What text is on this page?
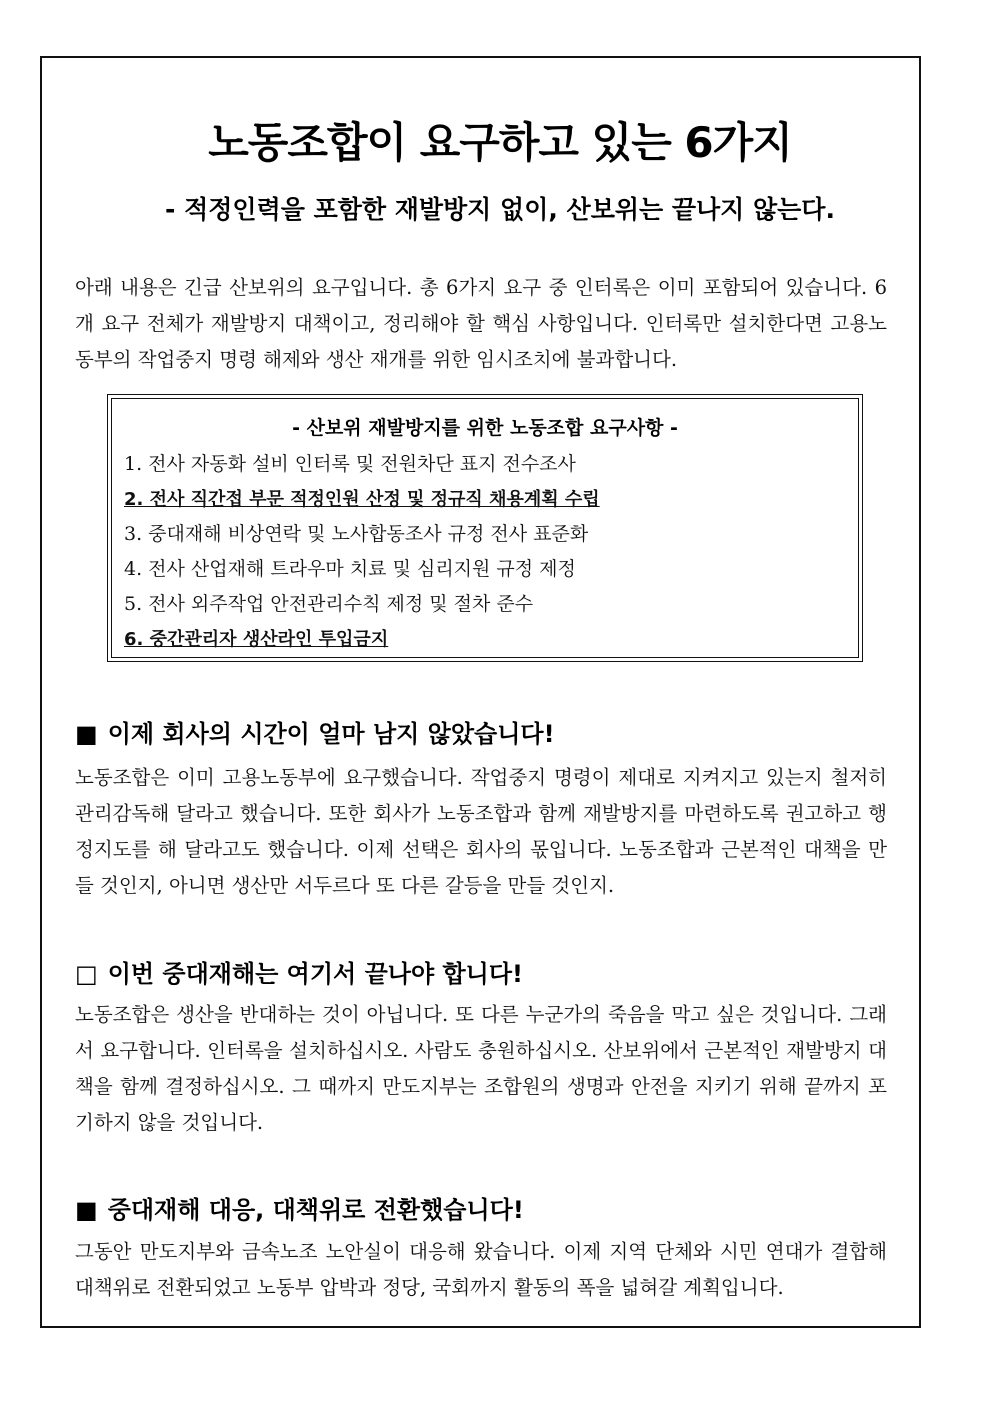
노동조합이 요구하고 있는 6가지
- 적정인력을 포함한 재발방지 없이, 산보위는 끝나지 않는다.

아래 내용은 긴급 산보위의 요구입니다. 총 6가지 요구 중 인터록은 이미 포함되어 있습니다. 6개 요구 전체가 재발방지 대책이고, 정리해야 할 핵심 사항입니다. 인터록만 설치한다면 고용노동부의 작업중지 명령 해제와 생산 재개를 위한 임시조치에 불과합니다.

- 산보위 재발방지를 위한 노동조합 요구사항 -
1. 전사 자동화 설비 인터록 및 전원차단 표지 전수조사
2. 전사 직간접 부문 적정인원 산정 및 정규직 채용계획 수립
3. 중대재해 비상연락 및 노사합동조사 규정 전사 표준화
4. 전사 산업재해 트라우마 치료 및 심리지원 규정 제정
5. 전사 외주작업 안전관리수칙 제정 및 절차 준수
6. 중간관리자 생산라인 투입금지
■ 이제 회사의 시간이 얼마 남지 않았습니다!

노동조합은 이미 고용노동부에 요구했습니다. 작업중지 명령이 제대로 지켜지고 있는지 철저히 관리감독해 달라고 했습니다. 또한 회사가 노동조합과 함께 재발방지를 마련하도록 권고하고 행정지도를 해 달라고도 했습니다. 이제 선택은 회사의 몫입니다. 노동조합과 근본적인 대책을 만들 것인지, 아니면 생산만 서두르다 또 다른 갈등을 만들 것인지.

□ 이번 중대재해는 여기서 끝나야 합니다!

노동조합은 생산을 반대하는 것이 아닙니다. 또 다른 누군가의 죽음을 막고 싶은 것입니다. 그래서 요구합니다. 인터록을 설치하십시오. 사람도 충원하십시오. 산보위에서 근본적인 재발방지 대책을 함께 결정하십시오. 그 때까지 만도지부는 조합원의 생명과 안전을 지키기 위해 끝까지 포기하지 않을 것입니다.

■ 중대재해 대응, 대책위로 전환했습니다!

그동안 만도지부와 금속노조 노안실이 대응해 왔습니다. 이제 지역 단체와 시민 연대가 결합해 대책위로 전환되었고 노동부 압박과 정당, 국회까지 활동의 폭을 넓혀갈 계획입니다.
